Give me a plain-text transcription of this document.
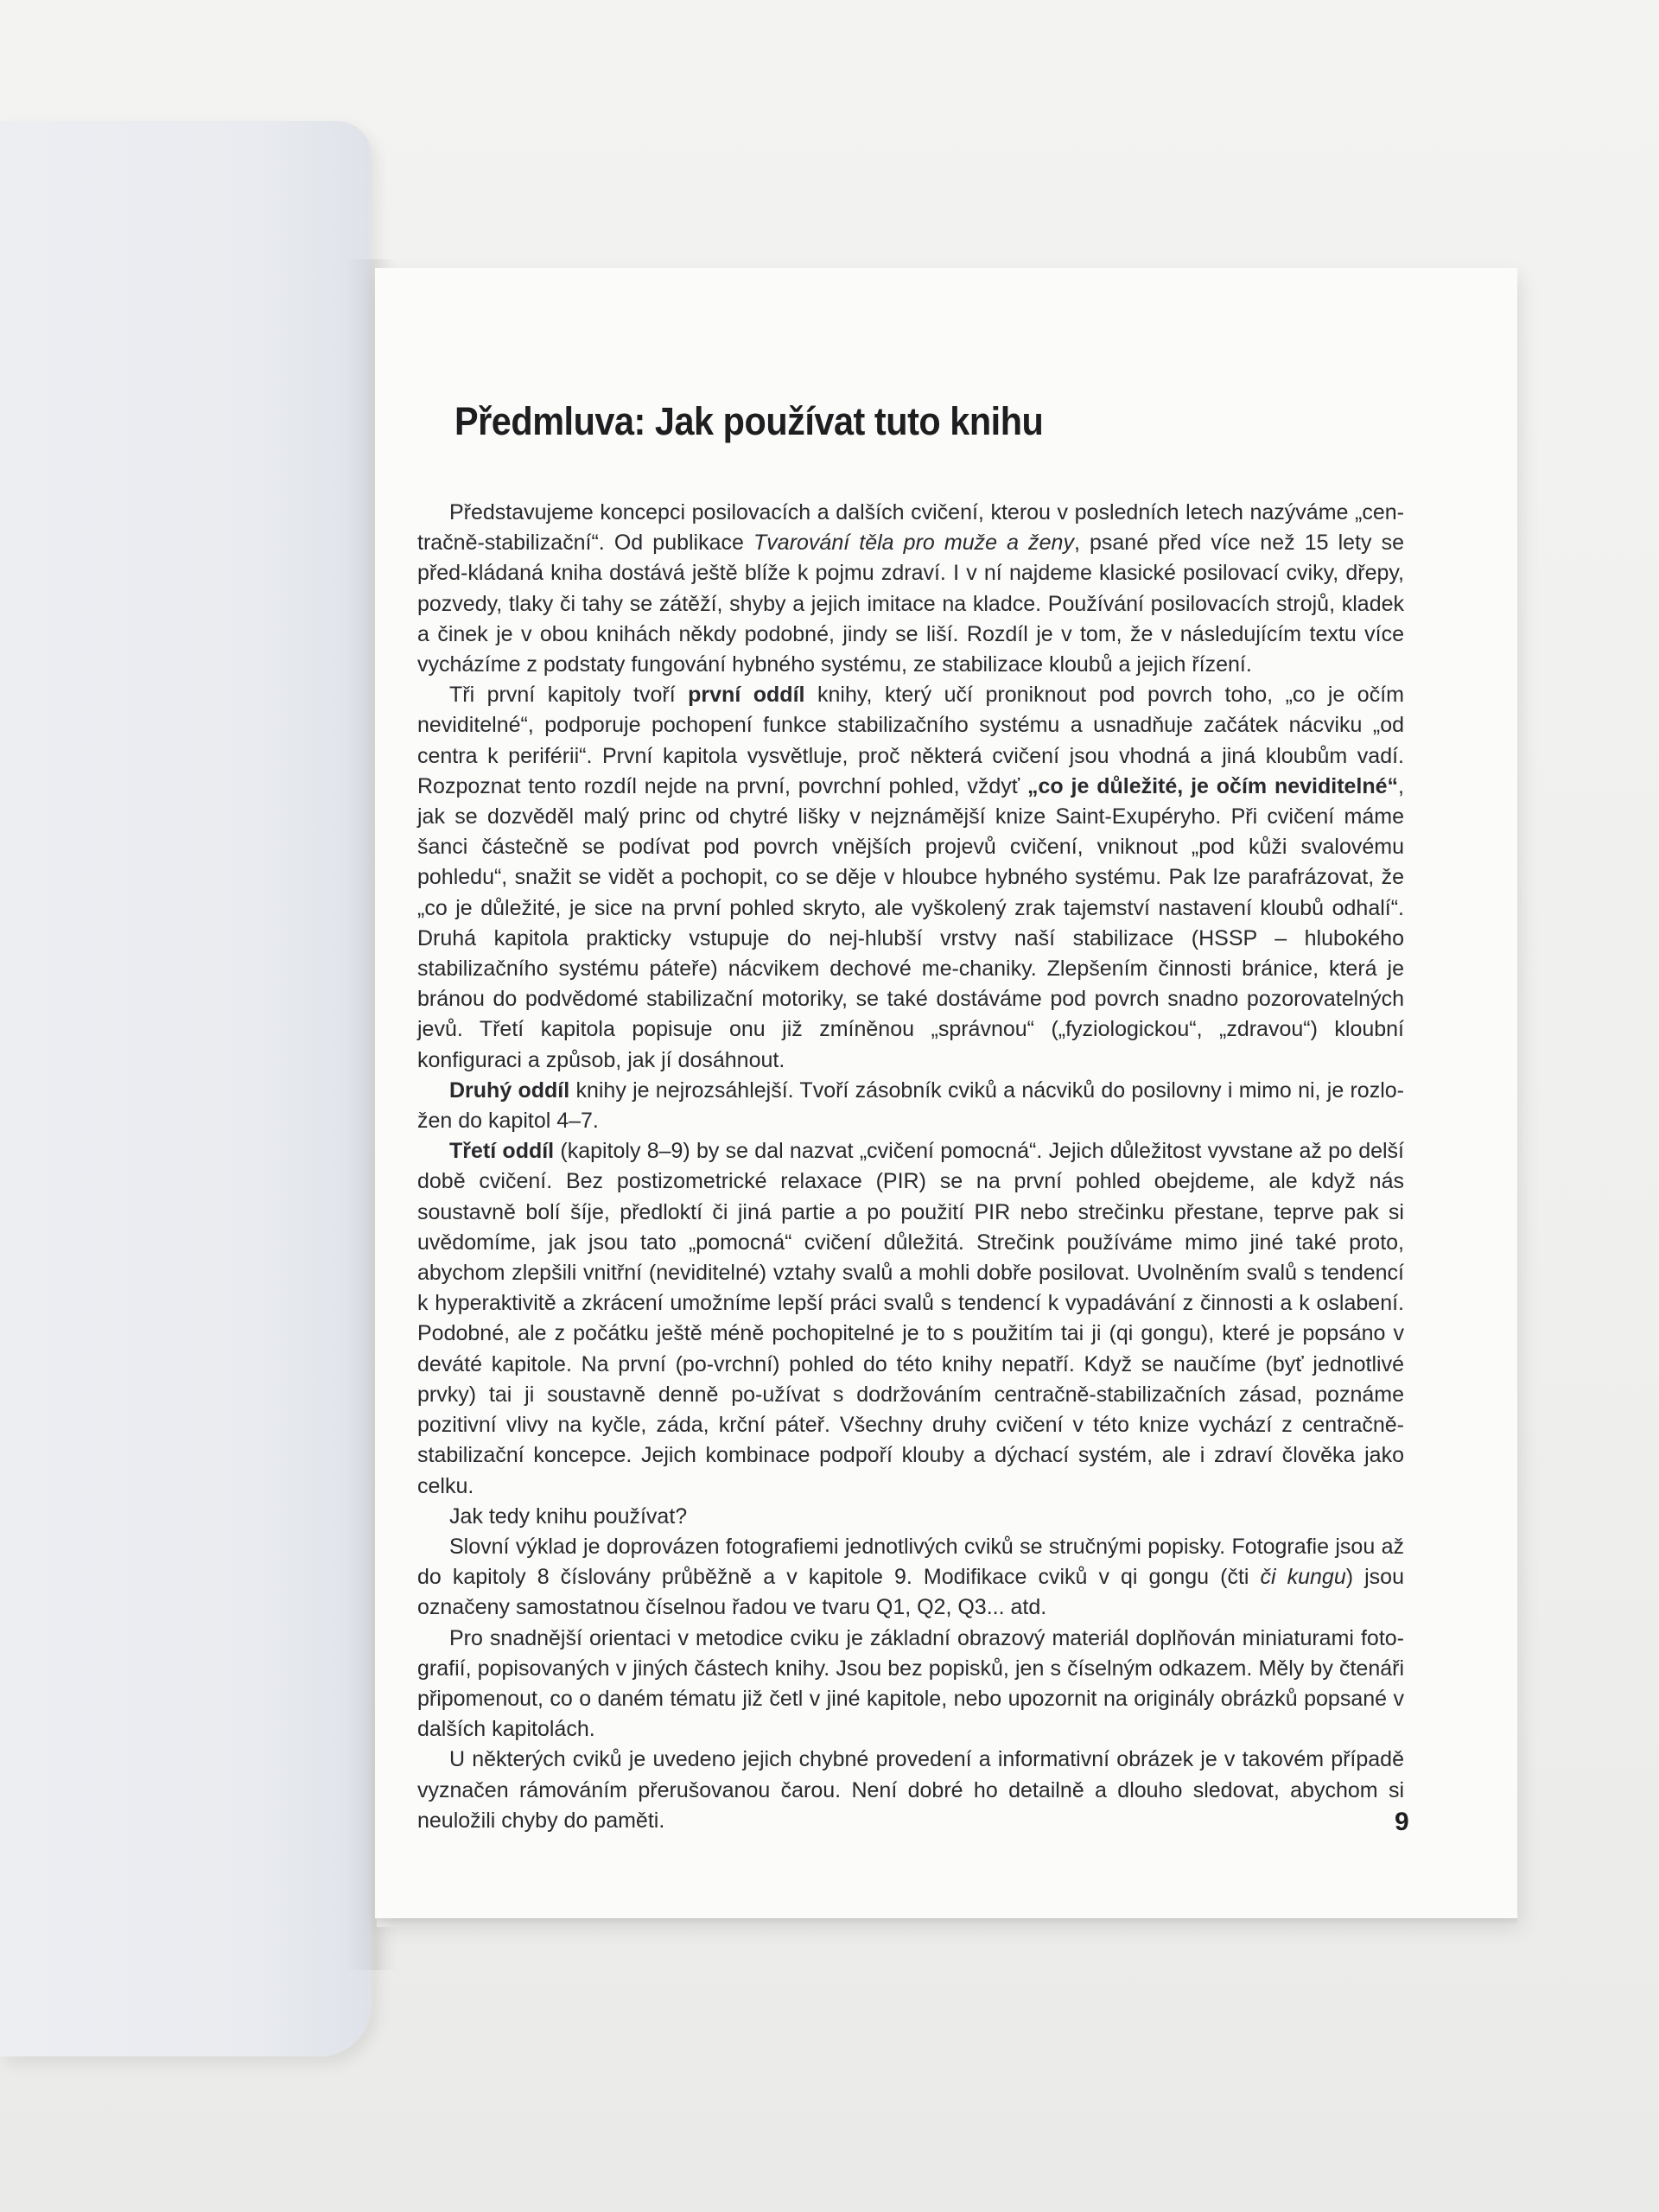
Předmluva: Jak používat tuto knihu

Představujeme koncepci posilovacích a dalších cvičení, kterou v posledních letech nazýváme „cen-tračně-stabilizační“. Od publikace Tvarování těla pro muže a ženy, psané před více než 15 lety se před-kládaná kniha dostává ještě blíže k pojmu zdraví. I v ní najdeme klasické posilovací cviky, dřepy, pozvedy, tlaky či tahy se zátěží, shyby a jejich imitace na kladce. Používání posilovacích strojů, kladek a činek je v obou knihách někdy podobné, jindy se liší. Rozdíl je v tom, že v následujícím textu více vycházíme z podstaty fungování hybného systému, ze stabilizace kloubů a jejich řízení.

Tři první kapitoly tvoří první oddíl knihy, který učí proniknout pod povrch toho, „co je očím neviditelné“, podporuje pochopení funkce stabilizačního systému a usnadňuje začátek nácviku „od centra k periférii“. První kapitola vysvětluje, proč některá cvičení jsou vhodná a jiná kloubům vadí. Rozpoznat tento rozdíl nejde na první, povrchní pohled, vždyť „co je důležité, je očím neviditelné“, jak se dozvěděl malý princ od chytré lišky v nejznámější knize Saint-Exupéryho. Při cvičení máme šanci částečně se podívat pod povrch vnějších projevů cvičení, vniknout „pod kůži svalovému pohledu“, snažit se vidět a pochopit, co se děje v hloubce hybného systému. Pak lze parafrázovat, že „co je důležité, je sice na první pohled skryto, ale vyškolený zrak tajemství nastavení kloubů odhalí“. Druhá kapitola prakticky vstupuje do nej-hlubší vrstvy naší stabilizace (HSSP – hlubokého stabilizačního systému páteře) nácvikem dechové me-chaniky. Zlepšením činnosti bránice, která je bránou do podvědomé stabilizační motoriky, se také dostáváme pod povrch snadno pozorovatelných jevů. Třetí kapitola popisuje onu již zmíněnou „správnou“ („fyziologickou“, „zdravou“) kloubní konfiguraci a způsob, jak jí dosáhnout.

Druhý oddíl knihy je nejrozsáhlejší. Tvoří zásobník cviků a nácviků do posilovny i mimo ni, je rozlo-žen do kapitol 4–7.

Třetí oddíl (kapitoly 8–9) by se dal nazvat „cvičení pomocná“. Jejich důležitost vyvstane až po delší době cvičení. Bez postizometrické relaxace (PIR) se na první pohled obejdeme, ale když nás soustavně bolí šíje, předloktí či jiná partie a po použití PIR nebo strečinku přestane, teprve pak si uvědomíme, jak jsou tato „pomocná“ cvičení důležitá. Strečink používáme mimo jiné také proto, abychom zlepšili vnitřní (neviditelné) vztahy svalů a mohli dobře posilovat. Uvolněním svalů s tendencí k hyperaktivitě a zkrácení umožníme lepší práci svalů s tendencí k vypadávání z činnosti a k oslabení. Podobné, ale z počátku ještě méně pochopitelné je to s použitím tai ji (qi gongu), které je popsáno v deváté kapitole. Na první (po-vrchní) pohled do této knihy nepatří. Když se naučíme (byť jednotlivé prvky) tai ji soustavně denně po-užívat s dodržováním centračně-stabilizačních zásad, poznáme pozitivní vlivy na kyčle, záda, krční páteř. Všechny druhy cvičení v této knize vychází z centračně-stabilizační koncepce. Jejich kombinace podpoří klouby a dýchací systém, ale i zdraví člověka jako celku.

Jak tedy knihu používat?

Slovní výklad je doprovázen fotografiemi jednotlivých cviků se stručnými popisky. Fotografie jsou až do kapitoly 8 číslovány průběžně a v kapitole 9. Modifikace cviků v qi gongu (čti či kungu) jsou označeny samostatnou číselnou řadou ve tvaru Q1, Q2, Q3... atd.

Pro snadnější orientaci v metodice cviku je základní obrazový materiál doplňován miniaturami foto-grafií, popisovaných v jiných částech knihy. Jsou bez popisků, jen s číselným odkazem. Měly by čtenáři připomenout, co o daném tématu již četl v jiné kapitole, nebo upozornit na originály obrázků popsané v dalších kapitolách.

U některých cviků je uvedeno jejich chybné provedení a informativní obrázek je v takovém případě vyznačen rámováním přerušovanou čarou. Není dobré ho detailně a dlouho sledovat, abychom si neuložili chyby do paměti.	9
